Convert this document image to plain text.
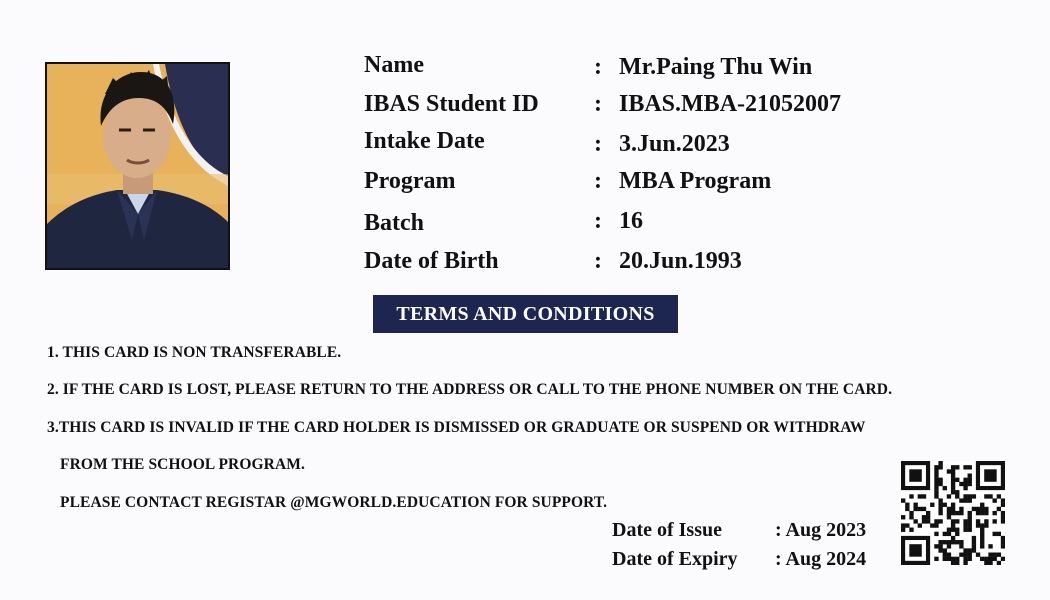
Name	: Mr.Paing Thu Win
IBAS Student ID : IBAS.MBA-21052007
Intake Date	: 3.Jun.2023
Program	: MBA Program
Batch	: 16
Date of Birth	: 20.Jun.1993
TERMS AND CONDITIONS
1. THIS CARD IS NON TRANSFERABLE.
2. IF THE CARD IS LOST, PLEASE RETURN TO THE ADDRESS OR CALL TO THE PHONE NUMBER ON THE CARD.
3.THIS CARD IS INVALID IF THE CARD HOLDER IS DISMISSED OR GRADUATE OR SUSPEND OR WITHDRAW
FROM THE SCHOOL PROGRAM.
PLEASE CONTACT REGISTAR @MGWORLD.EDUCATION FOR SUPPORT.
Date of Issue	: Aug 2023
Date of Expiry : Aug 2024
